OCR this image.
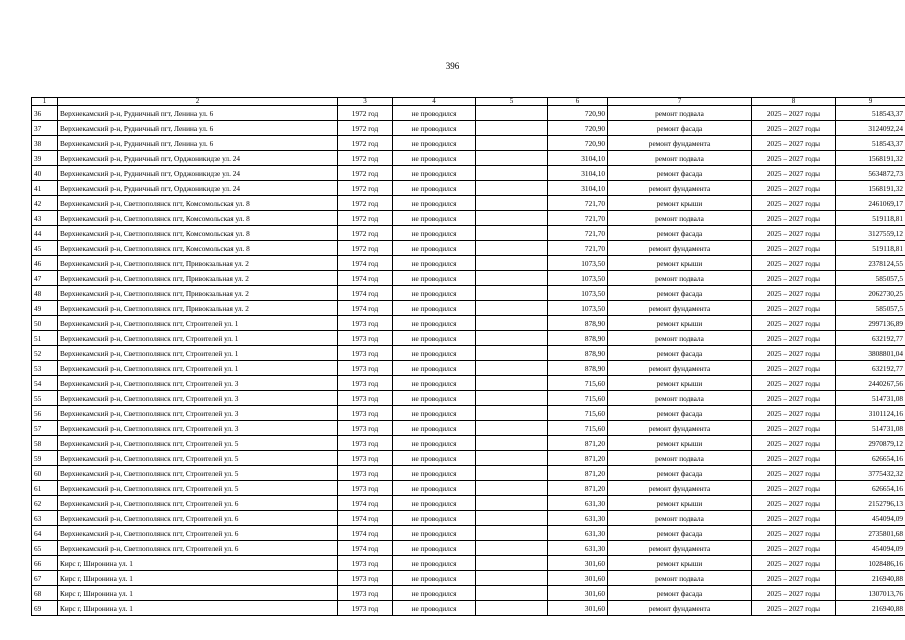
396
1	2	3	4	5	6	7	8	9
36	Верхнекамский р-н, Рудничный пгт, Ленина ул. 6	1972 год	не проводился		720,90	ремонт подвала	2025 – 2027 годы	518543,37
37	Верхнекамский р-н, Рудничный пгт, Ленина ул. 6	1972 год	не проводился		720,90	ремонт фасада	2025 – 2027 годы	3124092,24
38	Верхнекамский р-н, Рудничный пгт, Ленина ул. 6	1972 год	не проводился		720,90	ремонт фундамента	2025 – 2027 годы	518543,37
39	Верхнекамский р-н, Рудничный пгт, Орджоникидзе ул. 24	1972 год	не проводился		3104,10	ремонт подвала	2025 – 2027 годы	1568191,32
40	Верхнекамский р-н, Рудничный пгт, Орджоникидзе ул. 24	1972 год	не проводился		3104,10	ремонт фасада	2025 – 2027 годы	5634872,73
41	Верхнекамский р-н, Рудничный пгт, Орджоникидзе ул. 24	1972 год	не проводился		3104,10	ремонт фундамента	2025 – 2027 годы	1568191,32
42	Верхнекамский р-н, Светлополянск пгт, Комсомольская ул. 8	1972 год	не проводился		721,70	ремонт крыши	2025 – 2027 годы	2461069,17
43	Верхнекамский р-н, Светлополянск пгт, Комсомольская ул. 8	1972 год	не проводился		721,70	ремонт подвала	2025 – 2027 годы	519118,81
44	Верхнекамский р-н, Светлополянск пгт, Комсомольская ул. 8	1972 год	не проводился		721,70	ремонт фасада	2025 – 2027 годы	3127559,12
45	Верхнекамский р-н, Светлополянск пгт, Комсомольская ул. 8	1972 год	не проводился		721,70	ремонт фундамента	2025 – 2027 годы	519118,81
46	Верхнекамский р-н, Светлополянск пгт, Привокзальная ул. 2	1974 год	не проводился		1073,50	ремонт крыши	2025 – 2027 годы	2378124,55
47	Верхнекамский р-н, Светлополянск пгт, Привокзальная ул. 2	1974 год	не проводился		1073,50	ремонт подвала	2025 – 2027 годы	585057,5
48	Верхнекамский р-н, Светлополянск пгт, Привокзальная ул. 2	1974 год	не проводился		1073,50	ремонт фасада	2025 – 2027 годы	2062730,25
49	Верхнекамский р-н, Светлополянск пгт, Привокзальная ул. 2	1974 год	не проводился		1073,50	ремонт фундамента	2025 – 2027 годы	585057,5
50	Верхнекамский р-н, Светлополянск пгт, Строителей ул. 1	1973 год	не проводился		878,90	ремонт крыши	2025 – 2027 годы	2997136,89
51	Верхнекамский р-н, Светлополянск пгт, Строителей ул. 1	1973 год	не проводился		878,90	ремонт подвала	2025 – 2027 годы	632192,77
52	Верхнекамский р-н, Светлополянск пгт, Строителей ул. 1	1973 год	не проводился		878,90	ремонт фасада	2025 – 2027 годы	3808801,04
53	Верхнекамский р-н, Светлополянск пгт, Строителей ул. 1	1973 год	не проводился		878,90	ремонт фундамента	2025 – 2027 годы	632192,77
54	Верхнекамский р-н, Светлополянск пгт, Строителей ул. 3	1973 год	не проводился		715,60	ремонт крыши	2025 – 2027 годы	2440267,56
55	Верхнекамский р-н, Светлополянск пгт, Строителей ул. 3	1973 год	не проводился		715,60	ремонт подвала	2025 – 2027 годы	514731,08
56	Верхнекамский р-н, Светлополянск пгт, Строителей ул. 3	1973 год	не проводился		715,60	ремонт фасада	2025 – 2027 годы	3101124,16
57	Верхнекамский р-н, Светлополянск пгт, Строителей ул. 3	1973 год	не проводился		715,60	ремонт фундамента	2025 – 2027 годы	514731,08
58	Верхнекамский р-н, Светлополянск пгт, Строителей ул. 5	1973 год	не проводился		871,20	ремонт крыши	2025 – 2027 годы	2970879,12
59	Верхнекамский р-н, Светлополянск пгт, Строителей ул. 5	1973 год	не проводился		871,20	ремонт подвала	2025 – 2027 годы	626654,16
60	Верхнекамский р-н, Светлополянск пгт, Строителей ул. 5	1973 год	не проводился		871,20	ремонт фасада	2025 – 2027 годы	3775432,32
61	Верхнекамский р-н, Светлополянск пгт, Строителей ул. 5	1973 год	не проводился		871,20	ремонт фундамента	2025 – 2027 годы	626654,16
62	Верхнекамский р-н, Светлополянск пгт, Строителей ул. 6	1974 год	не проводился		631,30	ремонт крыши	2025 – 2027 годы	2152796,13
63	Верхнекамский р-н, Светлополянск пгт, Строителей ул. 6	1974 год	не проводился		631,30	ремонт подвала	2025 – 2027 годы	454094,09
64	Верхнекамский р-н, Светлополянск пгт, Строителей ул. 6	1974 год	не проводился		631,30	ремонт фасада	2025 – 2027 годы	2735801,68
65	Верхнекамский р-н, Светлополянск пгт, Строителей ул. 6	1974 год	не проводился		631,30	ремонт фундамента	2025 – 2027 годы	454094,09
66	Кирс г, Широнина ул. 1	1973 год	не проводился		301,60	ремонт крыши	2025 – 2027 годы	1028486,16
67	Кирс г, Широнина ул. 1	1973 год	не проводился		301,60	ремонт подвала	2025 – 2027 годы	216940,88
68	Кирс г, Широнина ул. 1	1973 год	не проводился		301,60	ремонт фасада	2025 – 2027 годы	1307013,76
69	Кирс г, Широнина ул. 1	1973 год	не проводился		301,60	ремонт фундамента	2025 – 2027 годы	216940,88
